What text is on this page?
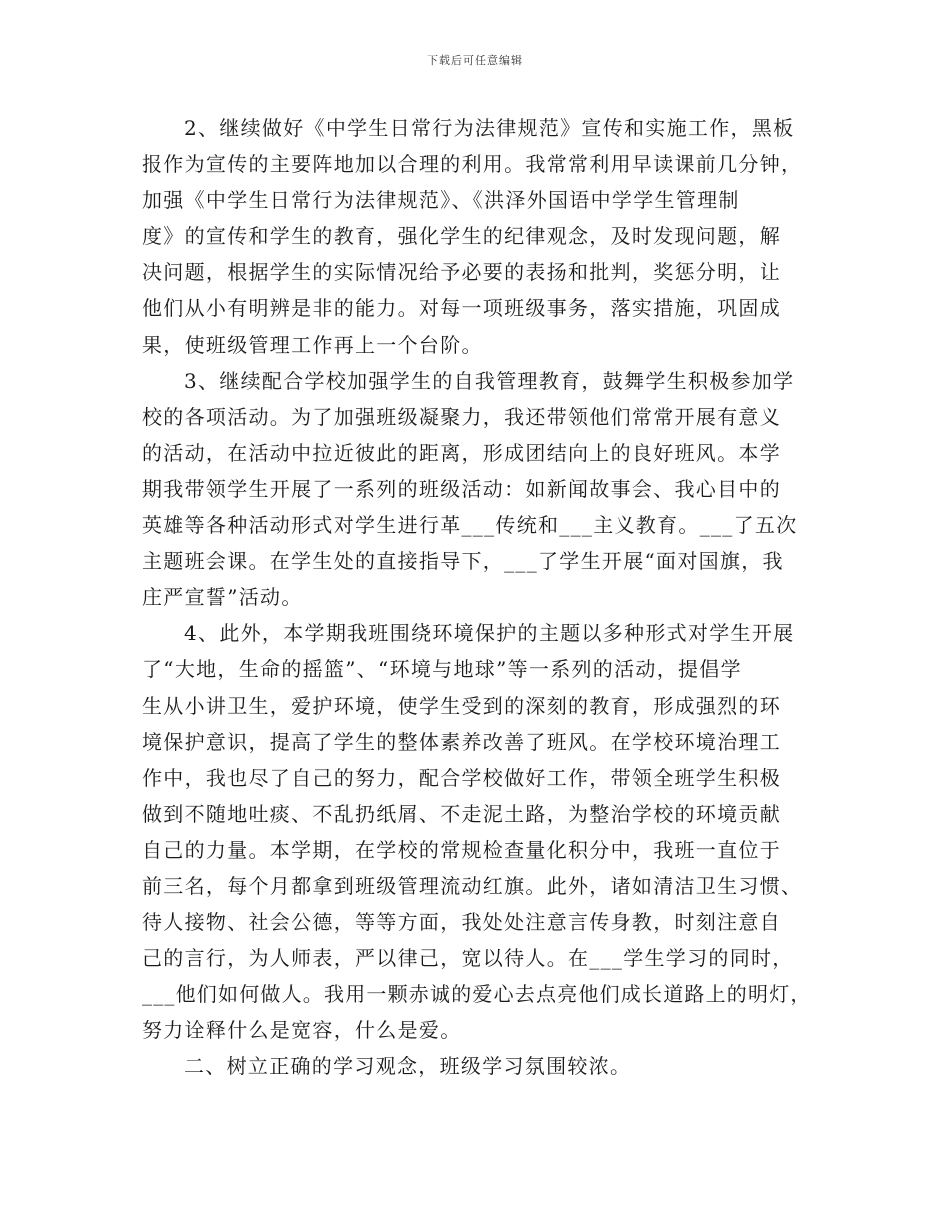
下载后可任意编辑
2、继续做好《中学生日常行为法律规范》宣传和实施工作，黑板
报作为宣传的主要阵地加以合理的利用。我常常利用早读课前几分钟，
加强《中学生日常行为法律规范》、《洪泽外国语中学学生管理制
度》的宣传和学生的教育，强化学生的纪律观念，及时发现问题，解
决问题，根据学生的实际情况给予必要的表扬和批判，奖惩分明，让
他们从小有明辨是非的能力。对每一项班级事务，落实措施，巩固成
果，使班级管理工作再上一个台阶。
3、继续配合学校加强学生的自我管理教育，鼓舞学生积极参加学
校的各项活动。为了加强班级凝聚力，我还带领他们常常开展有意义
的活动，在活动中拉近彼此的距离，形成团结向上的良好班风。本学
期我带领学生开展了一系列的班级活动：如新闻故事会、我心目中的
英雄等各种活动形式对学生进行革___传统和___主义教育。___了五次
主题班会课。在学生处的直接指导下，___了学生开展“面对国旗，我
庄严宣誓”活动。
4、此外，本学期我班围绕环境保护的主题以多种形式对学生开展
了“大地，生命的摇篮”、“环境与地球”等一系列的活动，提倡学
生从小讲卫生，爱护环境，使学生受到的深刻的教育，形成强烈的环
境保护意识，提高了学生的整体素养改善了班风。在学校环境治理工
作中，我也尽了自己的努力，配合学校做好工作，带领全班学生积极
做到不随地吐痰、不乱扔纸屑、不走泥土路，为整治学校的环境贡献
自己的力量。本学期，在学校的常规检查量化积分中，我班一直位于
前三名，每个月都拿到班级管理流动红旗。此外，诸如清洁卫生习惯、
待人接物、社会公德，等等方面，我处处注意言传身教，时刻注意自
己的言行，为人师表，严以律己，宽以待人。在___学生学习的同时，
___他们如何做人。我用一颗赤诚的爱心去点亮他们成长道路上的明灯，
努力诠释什么是宽容，什么是爱。
二、树立正确的学习观念，班级学习氛围较浓。
